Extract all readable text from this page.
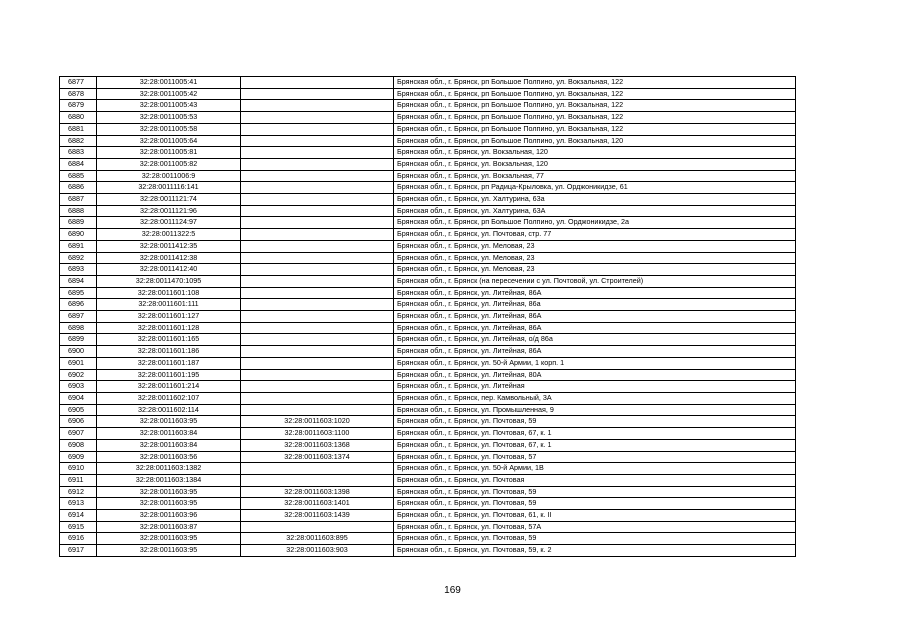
6877	32:28:0011005:41		Брянская обл., г. Брянск, рп Большое Полпино, ул. Вокзальная, 122
6878	32:28:0011005:42		Брянская обл., г. Брянск, рп Большое Полпино, ул. Вокзальная, 122
6879	32:28:0011005:43		Брянская обл., г. Брянск, рп Большое Полпино, ул. Вокзальная, 122
6880	32:28:0011005:53		Брянская обл., г. Брянск, рп Большое Полпино, ул. Вокзальная, 122
6881	32:28:0011005:58		Брянская обл., г. Брянск, рп Большое Полпино, ул. Вокзальная, 122
6882	32:28:0011005:64		Брянская обл., г. Брянск, рп Большое Полпино, ул. Вокзальная, 120
6883	32:28:0011005:81		Брянская обл., г. Брянск, ул. Вокзальная, 120
6884	32:28:0011005:82		Брянская обл., г. Брянск, ул. Вокзальная, 120
6885	32:28:0011006:9		Брянская обл., г. Брянск, ул. Вокзальная, 77
6886	32:28:0011116:141		Брянская обл., г. Брянск, рп Радица-Крыловка, ул. Орджоникидзе, 61
6887	32:28:0011121:74		Брянская обл., г. Брянск, ул. Халтурина, 63а
6888	32:28:0011121:96		Брянская обл., г. Брянск, ул. Халтурина, 63А
6889	32:28:0011124:97		Брянская обл., г. Брянск, рп Большое Полпино, ул. Орджоникидзе, 2а
6890	32:28:0011322:5		Брянская обл., г. Брянск, ул. Почтовая, стр. 77
6891	32:28:0011412:35		Брянская обл., г. Брянск, ул. Меловая, 23
6892	32:28:0011412:38		Брянская обл., г. Брянск, ул. Меловая, 23
6893	32:28:0011412:40		Брянская обл., г. Брянск, ул. Меловая, 23
6894	32:28:0011470:1095		Брянская обл., г. Брянск (на пересечении с ул. Почтовой, ул. Строителей)
6895	32:28:0011601:108		Брянская обл., г. Брянск, ул. Литейная, 86А
6896	32:28:0011601:111		Брянская обл., г. Брянск, ул. Литейная, 86а
6897	32:28:0011601:127		Брянская обл., г. Брянск, ул. Литейная, 86А
6898	32:28:0011601:128		Брянская обл., г. Брянск, ул. Литейная, 86А
6899	32:28:0011601:165		Брянская обл., г. Брянск, ул. Литейная, о/д 86а
6900	32:28:0011601:186		Брянская обл., г. Брянск, ул. Литейная, 86А
6901	32:28:0011601:187		Брянская обл., г. Брянск, ул. 50-й Армии, 1 корп. 1
6902	32:28:0011601:195		Брянская обл., г. Брянск, ул. Литейная, 80А
6903	32:28:0011601:214		Брянская обл., г. Брянск, ул. Литейная
6904	32:28:0011602:107		Брянская обл., г. Брянск, пер. Камвольный, 3А
6905	32:28:0011602:114		Брянская обл., г. Брянск, ул. Промышленная, 9
6906	32:28:0011603:95	32:28:0011603:1020	Брянская обл., г. Брянск, ул. Почтовая, 59
6907	32:28:0011603:84	32:28:0011603:1100	Брянская обл., г. Брянск, ул. Почтовая, 67, к. 1
6908	32:28:0011603:84	32:28:0011603:1368	Брянская обл., г. Брянск, ул. Почтовая, 67, к. 1
6909	32:28:0011603:56	32:28:0011603:1374	Брянская обл., г. Брянск, ул. Почтовая, 57
6910	32:28:0011603:1382		Брянская обл., г. Брянск, ул. 50-й Армии, 1В
6911	32:28:0011603:1384		Брянская обл., г. Брянск, ул. Почтовая
6912	32:28:0011603:95	32:28:0011603:1398	Брянская обл., г. Брянск, ул. Почтовая, 59
6913	32:28:0011603:95	32:28:0011603:1401	Брянская обл., г. Брянск, ул. Почтовая, 59
6914	32:28:0011603:96	32:28:0011603:1439	Брянская обл., г. Брянск, ул. Почтовая, 61, к. II
6915	32:28:0011603:87		Брянская обл., г. Брянск, ул. Почтовая, 57А
6916	32:28:0011603:95	32:28:0011603:895	Брянская обл., г. Брянск, ул. Почтовая, 59
6917	32:28:0011603:95	32:28:0011603:903	Брянская обл., г. Брянск, ул. Почтовая, 59, к. 2
169
